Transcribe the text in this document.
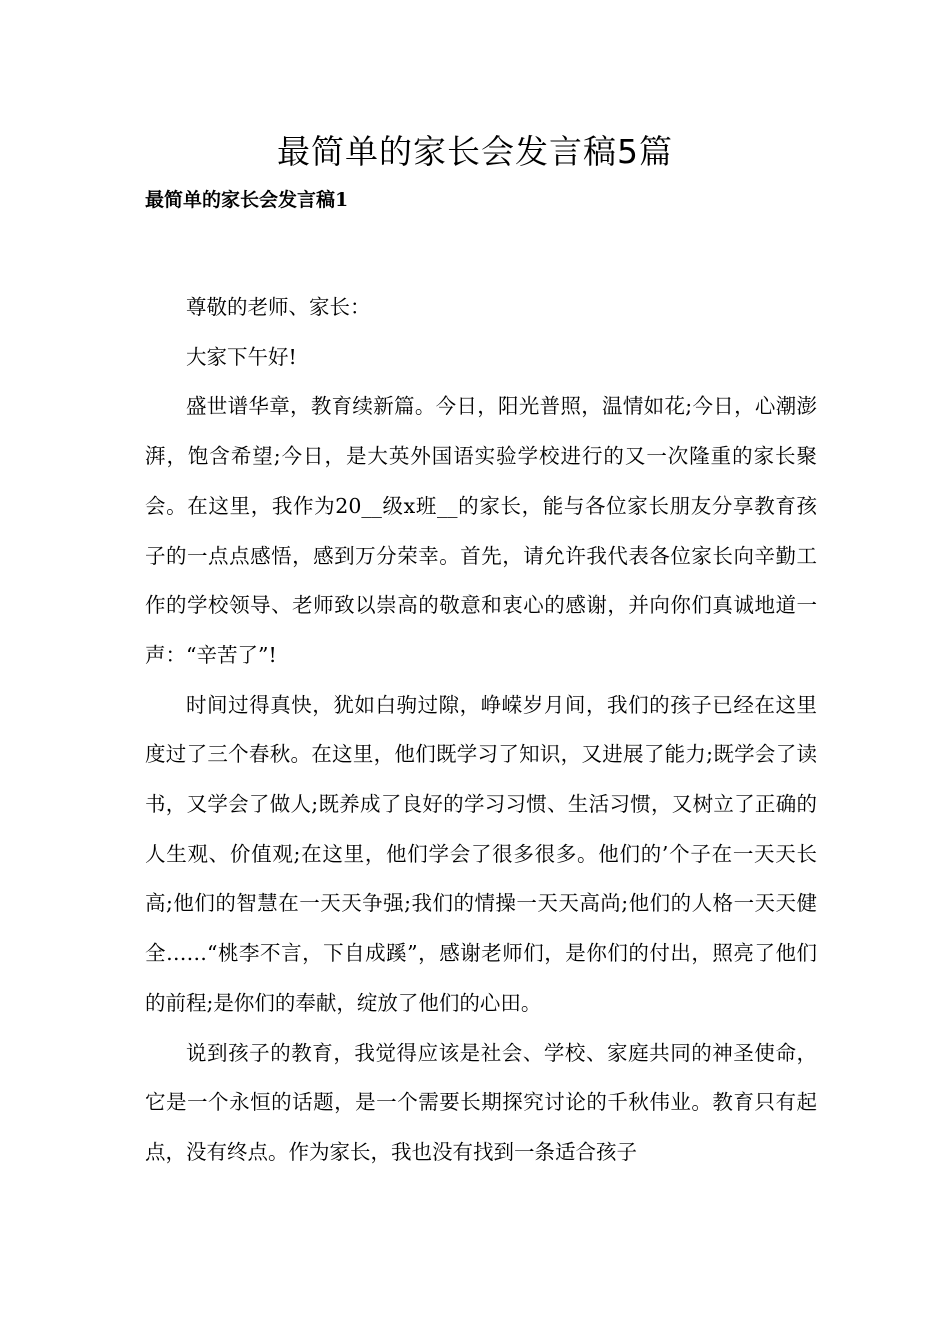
最简单的家长会发言稿5篇
最简单的家长会发言稿1

尊敬的老师、家长：

大家下午好!

盛世谱华章，教育续新篇。今日，阳光普照，温情如花;今日，心潮澎湃，饱含希望;今日，是大英外国语实验学校进行的又一次隆重的家长聚会。在这里，我作为20__级x班__的家长，能与各位家长朋友分享教育孩子的一点点感悟，感到万分荣幸。首先，请允许我代表各位家长向辛勤工作的学校领导、老师致以崇高的敬意和衷心的感谢，并向你们真诚地道一声：“辛苦了”!

时间过得真快，犹如白驹过隙，峥嵘岁月间，我们的孩子已经在这里度过了三个春秋。在这里，他们既学习了知识，又进展了能力;既学会了读书，又学会了做人;既养成了良好的学习习惯、生活习惯，又树立了正确的人生观、价值观;在这里，他们学会了很多很多。他们的’个子在一天天长高;他们的智慧在一天天争强;我们的情操一天天高尚;他们的人格一天天健全……“桃李不言，下自成蹊”，感谢老师们，是你们的付出，照亮了他们的前程;是你们的奉献，绽放了他们的心田。

说到孩子的教育，我觉得应该是社会、学校、家庭共同的神圣使命，它是一个永恒的话题，是一个需要长期探究讨论的千秋伟业。教育只有起点，没有终点。作为家长，我也没有找到一条适合孩子
